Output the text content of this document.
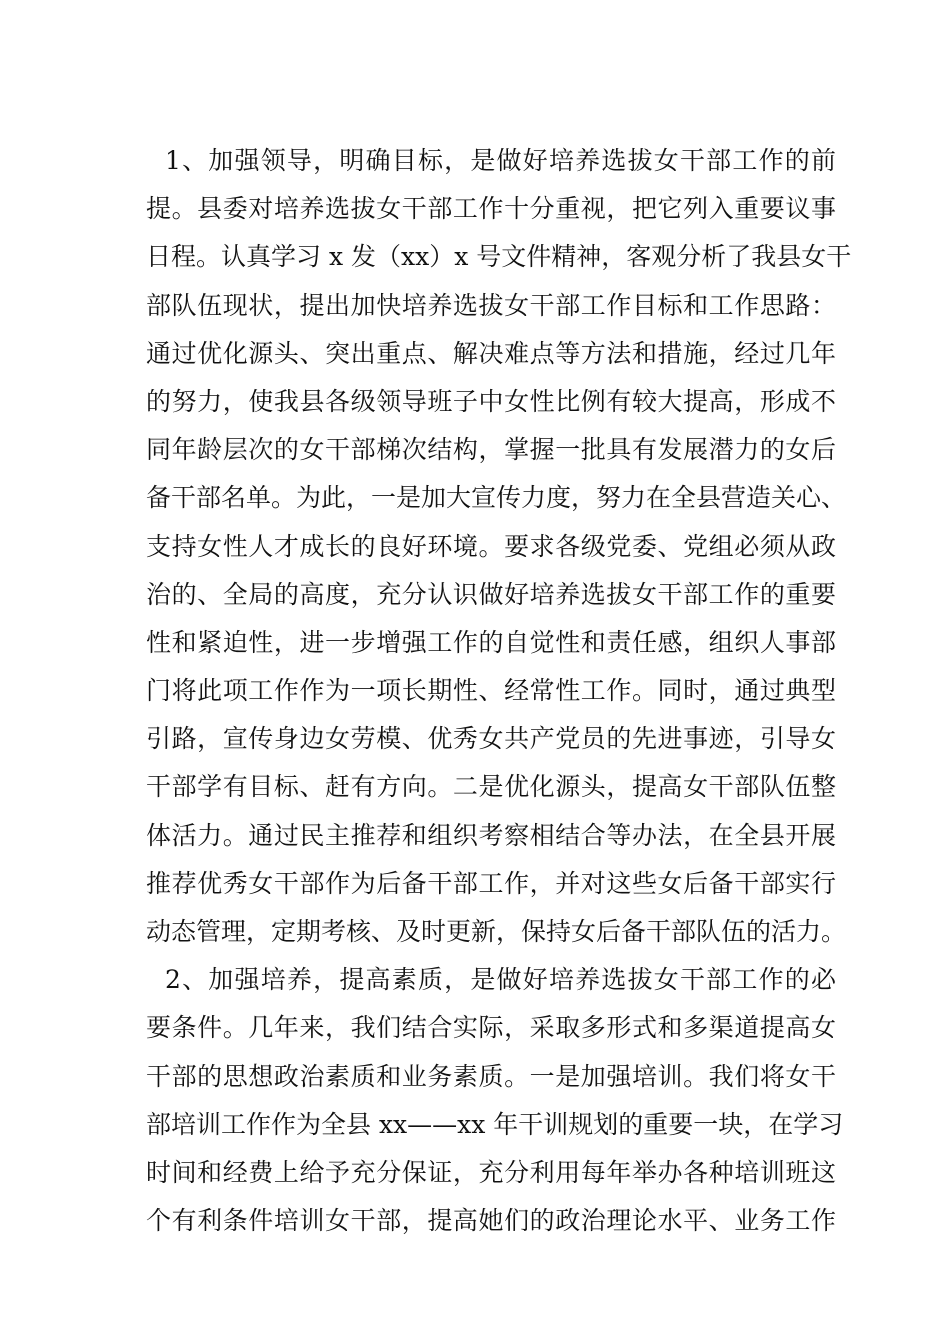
1、加强领导，明确目标，是做好培养选拔女干部工作的前
提。县委对培养选拔女干部工作十分重视，把它列入重要议事
日程。认真学习 x 发（xx）x 号文件精神，客观分析了我县女干
部队伍现状，提出加快培养选拔女干部工作目标和工作思路：
通过优化源头、突出重点、解决难点等方法和措施，经过几年
的努力，使我县各级领导班子中女性比例有较大提高，形成不
同年龄层次的女干部梯次结构，掌握一批具有发展潜力的女后
备干部名单。为此，一是加大宣传力度，努力在全县营造关心、
支持女性人才成长的良好环境。要求各级党委、党组必须从政
治的、全局的高度，充分认识做好培养选拔女干部工作的重要
性和紧迫性，进一步增强工作的自觉性和责任感，组织人事部
门将此项工作作为一项长期性、经常性工作。同时，通过典型
引路，宣传身边女劳模、优秀女共产党员的先进事迹，引导女
干部学有目标、赶有方向。二是优化源头，提高女干部队伍整
体活力。通过民主推荐和组织考察相结合等办法，在全县开展
推荐优秀女干部作为后备干部工作，并对这些女后备干部实行
动态管理，定期考核、及时更新，保持女后备干部队伍的活力。
2、加强培养，提高素质，是做好培养选拔女干部工作的必
要条件。几年来，我们结合实际，采取多形式和多渠道提高女
干部的思想政治素质和业务素质。一是加强培训。我们将女干
部培训工作作为全县 xx——xx 年干训规划的重要一块，在学习
时间和经费上给予充分保证，充分利用每年举办各种培训班这
个有利条件培训女干部，提高她们的政治理论水平、业务工作
